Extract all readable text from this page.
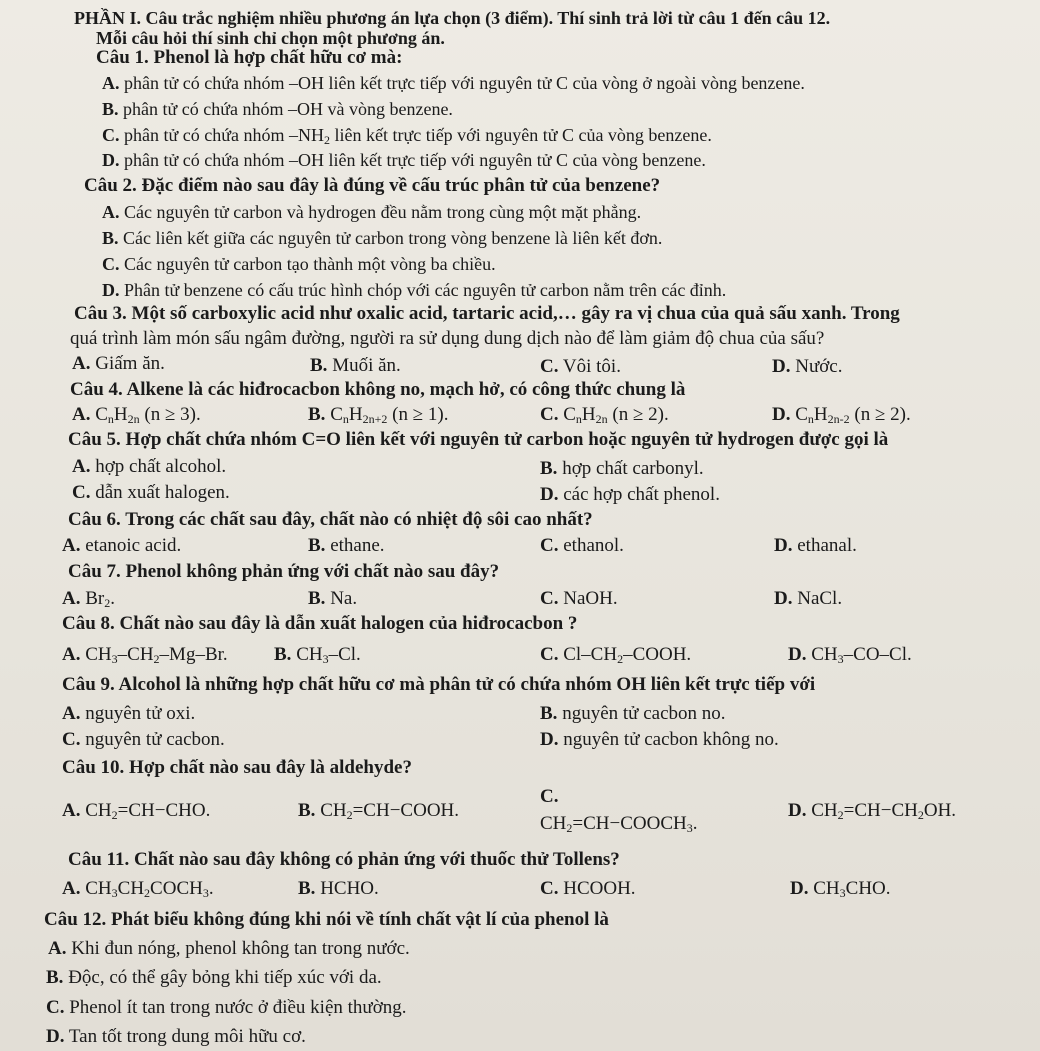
PHẦN I. Câu trắc nghiệm nhiều phương án lựa chọn (3 điểm). Thí sinh trả lời từ câu 1 đến câu 12.
Mỗi câu hỏi thí sinh chỉ chọn một phương án.
Câu 1. Phenol là hợp chất hữu cơ mà:
A. phân tử có chứa nhóm –OH liên kết trực tiếp với nguyên tử C của vòng ở ngoài vòng benzene.
B. phân tử có chứa nhóm –OH và vòng benzene.
C. phân tử có chứa nhóm $-NH_2$ liên kết trực tiếp với nguyên tử C của vòng benzene.
D. phân tử có chứa nhóm –OH liên kết trực tiếp với nguyên tử C của vòng benzene.
Câu 2. Đặc điểm nào sau đây là đúng về cấu trúc phân tử của benzene?
A. Các nguyên tử carbon và hydrogen đều nằm trong cùng một mặt phẳng.
B. Các liên kết giữa các nguyên tử carbon trong vòng benzene là liên kết đơn.
C. Các nguyên tử carbon tạo thành một vòng ba chiều.
D. Phân tử benzene có cấu trúc hình chóp với các nguyên tử carbon nằm trên các đỉnh.
Câu 3. Một số carboxylic acid như oxalic acid, tartaric acid,… gây ra vị chua của quả sấu xanh. Trong
quá trình làm món sấu ngâm đường, người ra sử dụng dung dịch nào để làm giảm độ chua của sấu?
A. Giấm ăn.	B. Muối ăn.	C. Vôi tôi.	D. Nước.
Câu 4. Alkene là các hiđrocacbon không no, mạch hở, có công thức chung là
A. $C_nH_{2n}$ (n ≥ 3).	B. $C_nH_{2n+2}$ (n ≥ 1).	C. $C_nH_{2n}$ (n ≥ 2).	D. $C_nH_{2n-2}$ (n ≥ 2).
Câu 5. Hợp chất chứa nhóm C=O liên kết với nguyên tử carbon hoặc nguyên tử hydrogen được gọi là
A. hợp chất alcohol.	B. hợp chất carbonyl.
C. dẫn xuất halogen.	D. các hợp chất phenol.
Câu 6. Trong các chất sau đây, chất nào có nhiệt độ sôi cao nhất?
A. etanoic acid.	B. ethane.	C. ethanol.	D. ethanal.
Câu 7. Phenol không phản ứng với chất nào sau đây?
A. $Br_2$.	B. Na.	C. NaOH.	D. NaCl.
Câu 8. Chất nào sau đây là dẫn xuất halogen của hiđrocacbon ?
A. $CH_3-CH_2-Mg-Br$. B. $CH_3-Cl$.	C. $Cl-CH_2$–COOH.	D. $CH_3-CO-Cl$.
Câu 9. Alcohol là những hợp chất hữu cơ mà phân tử có chứa nhóm OH liên kết trực tiếp với
A. nguyên tử oxi.	B. nguyên tử cacbon no.
C. nguyên tử cacbon.	D. nguyên tử cacbon không no.
Câu 10. Hợp chất nào sau đây là aldehyde?
A. $CH_2=CH-CHO$.	B. $CH_2=CH-COOH$.
C.
$CH_2=CH-COOCH_3$.
D. $CH_2=CH-CH_2OH$.
Câu 11. Chất nào sau đây không có phản ứng với thuốc thử Tollens?
A. $CH_3CH_2COCH_3$.	B. HCHO.	C. HCOOH.	D. $CH_3CHO$.
Câu 12. Phát biểu không đúng khi nói về tính chất vật lí của phenol là
A. Khi đun nóng, phenol không tan trong nước.
B. Độc, có thể gây bỏng khi tiếp xúc với da.
C. Phenol ít tan trong nước ở điều kiện thường.
D. Tan tốt trong dung môi hữu cơ.
